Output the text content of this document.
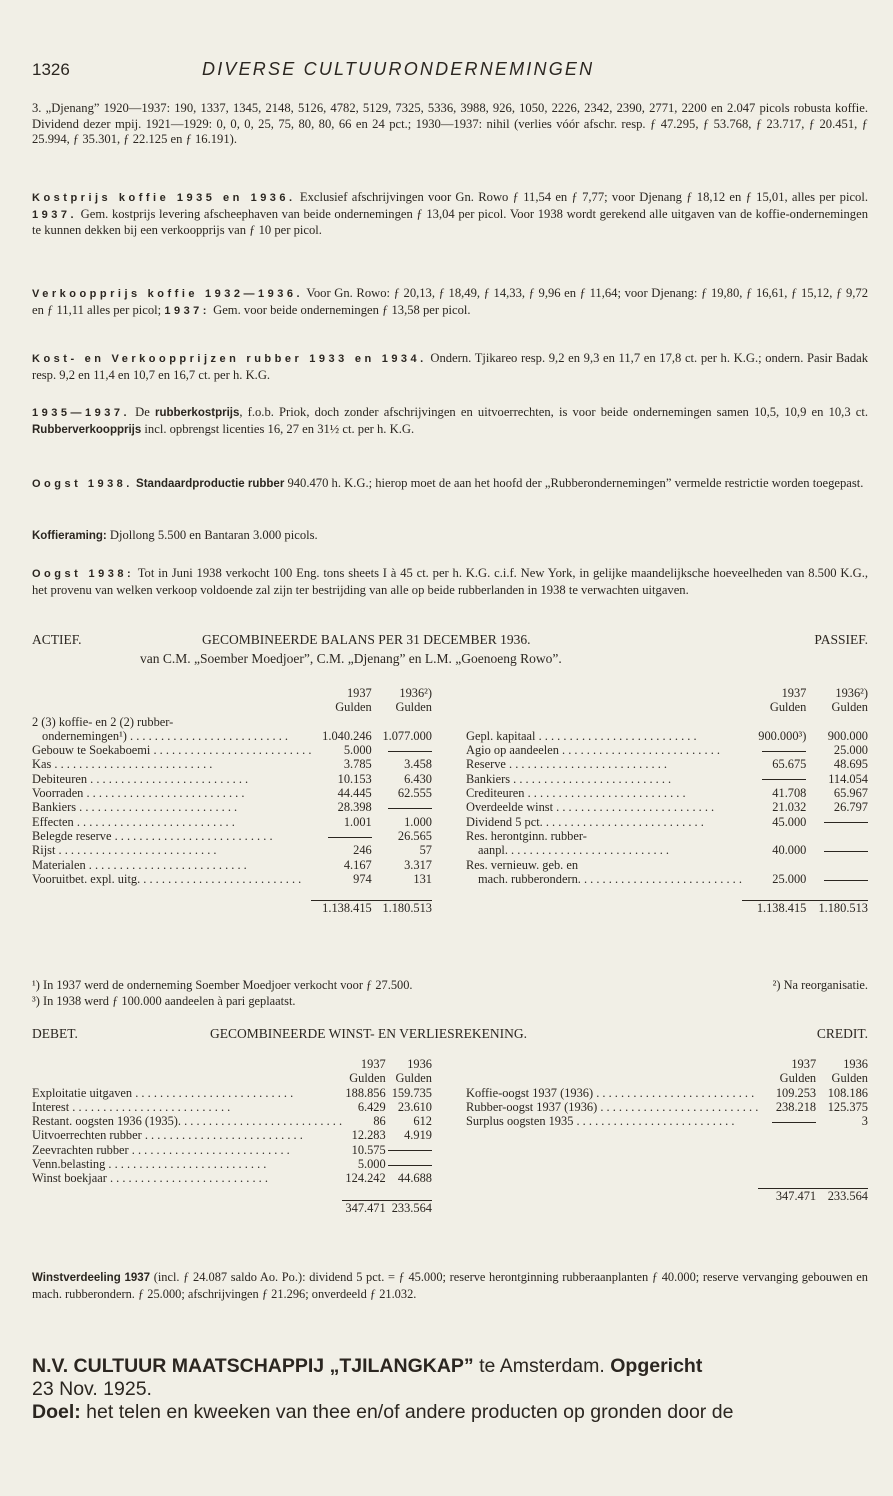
1326	DIVERSE CULTUURONDERNEMINGEN
3. „Djenang” 1920—1937: 190, 1337, 1345, 2148, 5126, 4782, 5129, 7325, 5336, 3988, 926, 1050, 2226, 2342, 2390, 2771, 2200 en 2.047 picols robusta koffie. Dividend dezer mpij. 1921—1929: 0, 0, 0, 25, 75, 80, 80, 66 en 24 pct.; 1930—1937: nihil (verlies vóór afschr. resp. ƒ 47.295, ƒ 53.768, ƒ 23.717, ƒ 20.451, ƒ 25.994, ƒ 35.301, ƒ 22.125 en ƒ 16.191).
Kostprijs koffie 1935 en 1936. Exclusief afschrijvingen voor Gn. Rowo ƒ 11,54 en ƒ 7,77; voor Djenang ƒ 18,12 en ƒ 15,01, alles per picol. 1937. Gem. kostprijs levering afscheephaven van beide ondernemingen ƒ 13,04 per picol. Voor 1938 wordt gerekend alle uitgaven van de koffie-ondernemingen te kunnen dekken bij een verkoopprijs van ƒ 10 per picol.
Verkoopprijs koffie 1932—1936. Voor Gn. Rowo: ƒ 20,13, ƒ 18,49, ƒ 14,33, ƒ 9,96 en ƒ 11,64; voor Djenang: ƒ 19,80, ƒ 16,61, ƒ 15,12, ƒ 9,72 en ƒ 11,11 alles per picol; 1937: Gem. voor beide ondernemingen ƒ 13,58 per picol.
Kost- en Verkoopprijzen rubber 1933 en 1934. Ondern. Tjikareo resp. 9,2 en 9,3 en 11,7 en 17,8 ct. per h. K.G.; ondern. Pasir Badak resp. 9,2 en 11,4 en 10,7 en 16,7 ct. per h. K.G.
1935—1937. De rubberkostprijs, f.o.b. Priok, doch zonder afschrijvingen en uitvoerrechten, is voor beide ondernemingen samen 10,5, 10,9 en 10,3 ct. Rubberverkoopprijs incl. opbrengst licenties 16, 27 en 31½ ct. per h. K.G.
Oogst 1938. Standaardproductie rubber 940.470 h. K.G.; hierop moet de aan het hoofd der „Rubberondernemingen” vermelde restrictie worden toegepast.
Koffieraming: Djollong 5.500 en Bantaran 3.000 picols.
Oogst 1938: Tot in Juni 1938 verkocht 100 Eng. tons sheets I à 45 ct. per h. K.G. c.i.f. New York, in gelijke maandelijksche hoeveelheden van 8.500 K.G., het provenu van welken verkoop voldoende zal zijn ter bestrijding van alle op beide rubberlanden in 1938 te verwachten uitgaven.
ACTIEF.	GECOMBINEERDE BALANS PER 31 DECEMBER 1936.	PASSIEF.
van C.M. „Soember Moedjoer”, C.M. „Djenang” en L.M. „Goenoeng Rowo”.
	1937	1936²)
	Gulden	Gulden
2 (3) koffie- en 2 (2) rubber-		
ondernemingen¹) . . .	1.040.246	1.077.000
Gebouw te Soekaboemi . . .	5.000	
Kas . . .	3.785	3.458
Debiteuren . . .	10.153	6.430
Voorraden . . .	44.445	62.555
Bankiers . . .	28.398	
Effecten . . .	1.001	1.000
Belegde reserve . . .		26.565
Rijst . . .	246	57
Materialen . . .	4.167	3.317
Vooruitbet. expl. uitg. . . .	974	131

	1.138.415	1.180.513
	1937	1936²)
	Gulden	Gulden

Gepl. kapitaal . . .	900.000³)	900.000
Agio op aandeelen . . .		25.000
Reserve . . .	65.675	48.695
Bankiers . . .		114.054
Crediteuren . . .	41.708	65.967
Overdeelde winst . . .	21.032	26.797
Dividend 5 pct. . . .	45.000	
Res. herontginn. rubber-		
aanpl. . . .	40.000	
Res. vernieuw. geb. en		
mach. rubberondern. . . .	25.000	

	1.138.415	1.180.513
¹) In 1937 werd de onderneming Soember Moedjoer verkocht voor ƒ 27.500.	²) Na reorganisatie.
³) In 1938 werd ƒ 100.000 aandeelen à pari geplaatst.
DEBET.	GECOMBINEERDE WINST- EN VERLIESREKENING.	CREDIT.
	1937	1936
	Gulden	Gulden
Exploitatie uitgaven . . .	188.856	159.735
Interest . . .	6.429	23.610
Restant. oogsten 1936 (1935). . . .	86	612
Uitvoerrechten rubber . . .	12.283	4.919
Zeevrachten rubber . . .	10.575	
Venn.belasting . . .	5.000	
Winst boekjaar . . .	124.242	44.688

	347.471	233.564
	1937	1936
	Gulden	Gulden
Koffie-oogst 1937 (1936) . . .	109.253	108.186
Rubber-oogst 1937 (1936) . . .	238.218	125.375
Surplus oogsten 1935 . . .		3

	347.471	233.564
Winstverdeeling 1937 (incl. ƒ 24.087 saldo Ao. Po.): dividend 5 pct. = ƒ 45.000; reserve herontginning rubberaanplanten ƒ 40.000; reserve vervanging gebouwen en mach. rubberondern. ƒ 25.000; afschrijvingen ƒ 21.296; onverdeeld ƒ 21.032.
N.V. CULTUUR MAATSCHAPPIJ „TJILANGKAP” te Amsterdam. Opgericht
23 Nov. 1925.
Doel: het telen en kweeken van thee en/of andere producten op gronden door de
